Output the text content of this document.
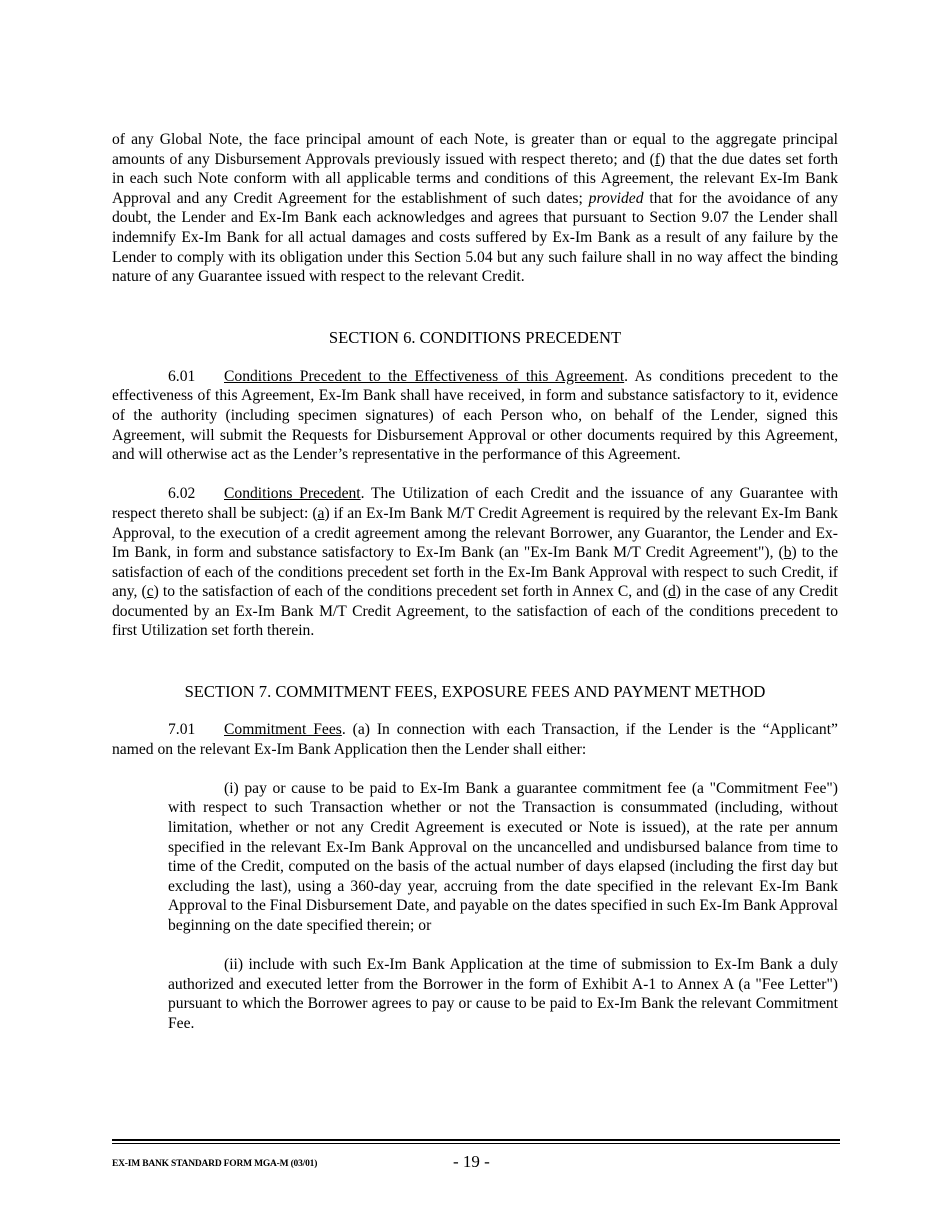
of any Global Note, the face principal amount of each Note, is greater than or equal to the aggregate principal amounts of any Disbursement Approvals previously issued with respect thereto; and (f) that the due dates set forth in each such Note conform with all applicable terms and conditions of this Agreement, the relevant Ex-Im Bank Approval and any Credit Agreement for the establishment of such dates; provided that for the avoidance of any doubt, the Lender and Ex-Im Bank each acknowledges and agrees that pursuant to Section 9.07 the Lender shall indemnify Ex-Im Bank for all actual damages and costs suffered by Ex-Im Bank as a result of any failure by the Lender to comply with its obligation under this Section 5.04 but any such failure shall in no way affect the binding nature of any Guarantee issued with respect to the relevant Credit.

SECTION 6. CONDITIONS PRECEDENT

6.01 Conditions Precedent to the Effectiveness of this Agreement. As conditions precedent to the effectiveness of this Agreement, Ex-Im Bank shall have received, in form and substance satisfactory to it, evidence of the authority (including specimen signatures) of each Person who, on behalf of the Lender, signed this Agreement, will submit the Requests for Disbursement Approval or other documents required by this Agreement, and will otherwise act as the Lender’s representative in the performance of this Agreement.

6.02 Conditions Precedent. The Utilization of each Credit and the issuance of any Guarantee with respect thereto shall be subject: (a) if an Ex-Im Bank M/T Credit Agreement is required by the relevant Ex-Im Bank Approval, to the execution of a credit agreement among the relevant Borrower, any Guarantor, the Lender and Ex-Im Bank, in form and substance satisfactory to Ex-Im Bank (an "Ex-Im Bank M/T Credit Agreement"), (b) to the satisfaction of each of the conditions precedent set forth in the Ex-Im Bank Approval with respect to such Credit, if any, (c) to the satisfaction of each of the conditions precedent set forth in Annex C, and (d) in the case of any Credit documented by an Ex-Im Bank M/T Credit Agreement, to the satisfaction of each of the conditions precedent to first Utilization set forth therein.

SECTION 7. COMMITMENT FEES, EXPOSURE FEES AND PAYMENT METHOD

7.01 Commitment Fees. (a) In connection with each Transaction, if the Lender is the “Applicant” named on the relevant Ex-Im Bank Application then the Lender shall either:

(i) pay or cause to be paid to Ex-Im Bank a guarantee commitment fee (a "Commitment Fee") with respect to such Transaction whether or not the Transaction is consummated (including, without limitation, whether or not any Credit Agreement is executed or Note is issued), at the rate per annum specified in the relevant Ex-Im Bank Approval on the uncancelled and undisbursed balance from time to time of the Credit, computed on the basis of the actual number of days elapsed (including the first day but excluding the last), using a 360-day year, accruing from the date specified in the relevant Ex-Im Bank Approval to the Final Disbursement Date, and payable on the dates specified in such Ex-Im Bank Approval beginning on the date specified therein; or

(ii) include with such Ex-Im Bank Application at the time of submission to Ex-Im Bank a duly authorized and executed letter from the Borrower in the form of Exhibit A-1 to Annex A (a "Fee Letter") pursuant to which the Borrower agrees to pay or cause to be paid to Ex-Im Bank the relevant Commitment Fee.

EX-IM BANK STANDARD FORM MGA-M (03/01)	- 19 -
